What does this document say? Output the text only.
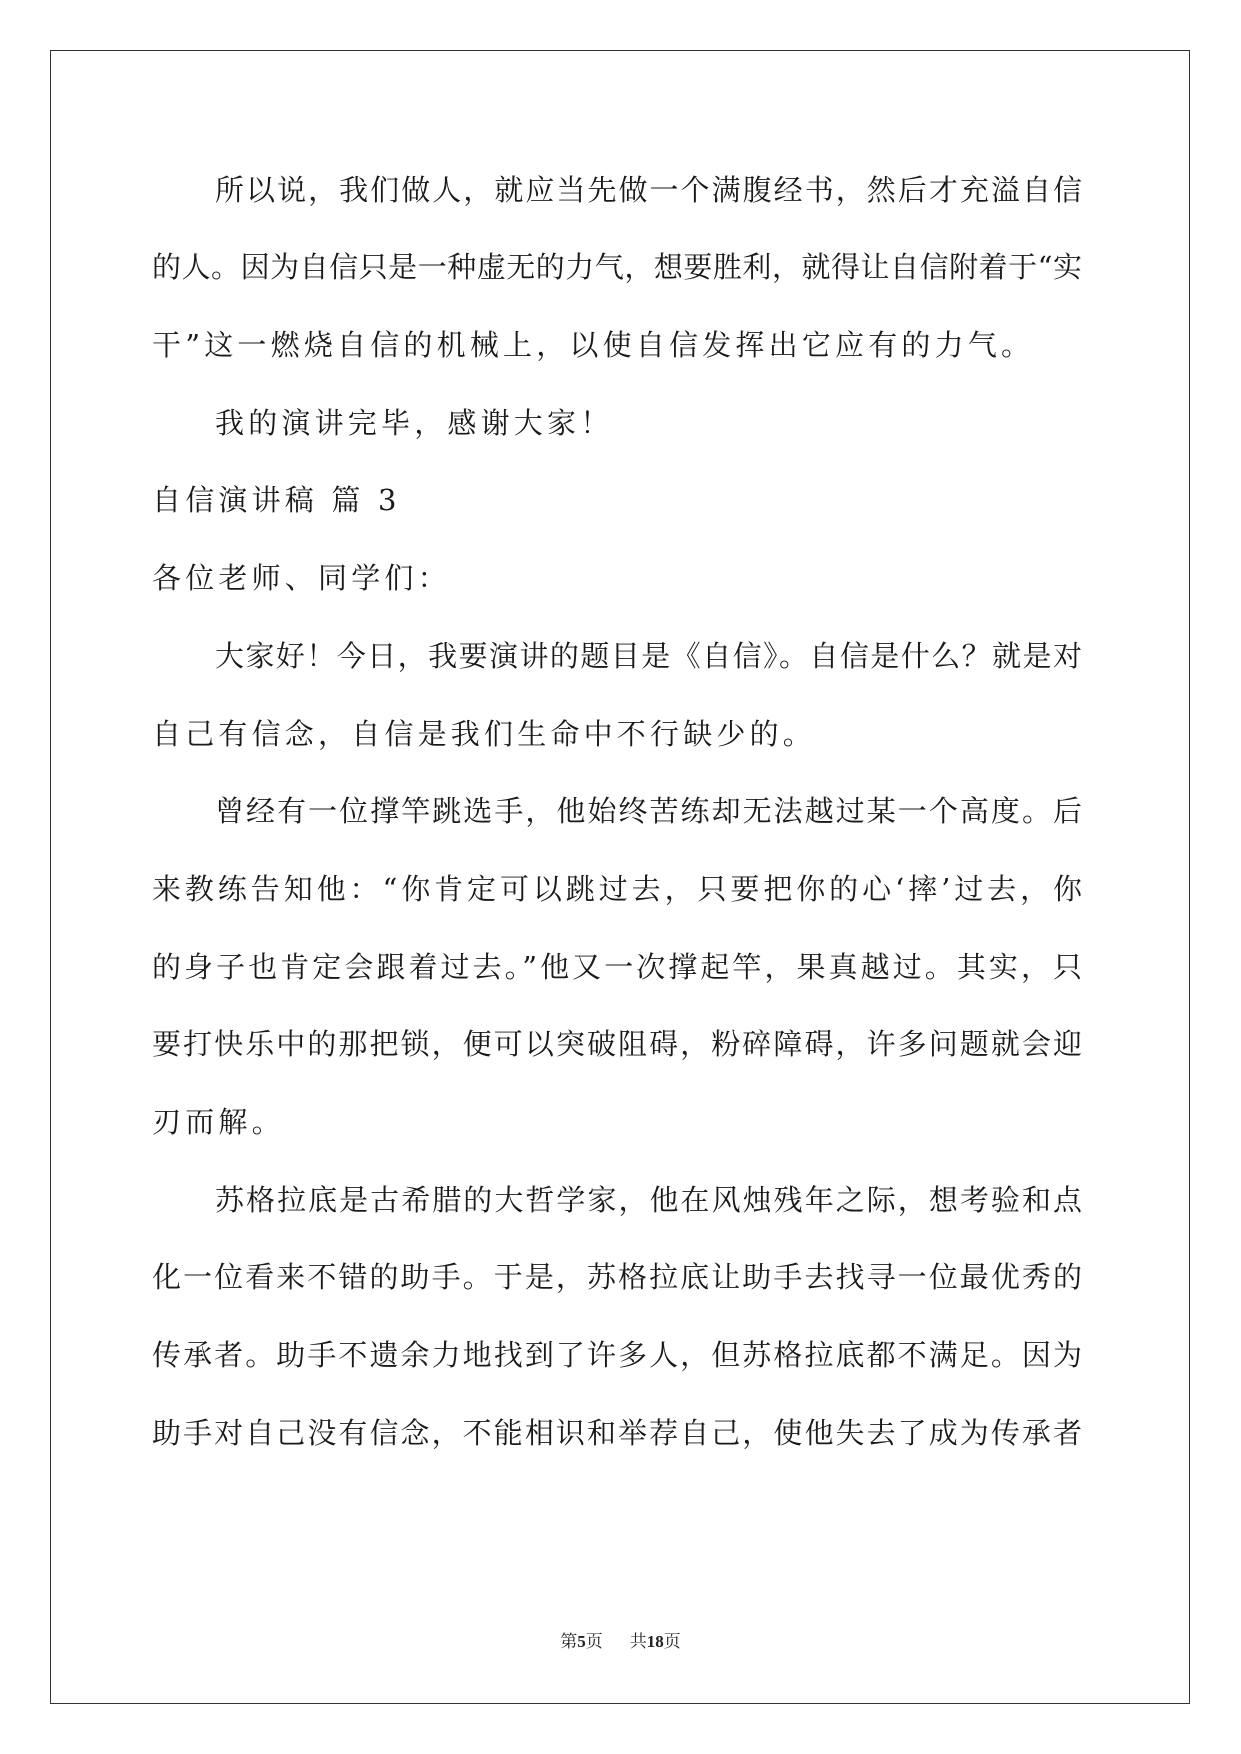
所以说，我们做人，就应当先做一个满腹经书，然后才充溢自信
的人。因为自信只是一种虚无的力气，想要胜利，就得让自信附着于“实
干”这一燃烧自信的机械上，以使自信发挥出它应有的力气。
我的演讲完毕，感谢大家！
自信演讲稿 篇 3
各位老师、同学们：
大家好！今日，我要演讲的题目是《自信》。自信是什么？就是对
自己有信念，自信是我们生命中不行缺少的。
曾经有一位撑竿跳选手，他始终苦练却无法越过某一个高度。后
来教练告知他：“你肯定可以跳过去，只要把你的心‘摔’过去，你
的身子也肯定会跟着过去。”他又一次撑起竿，果真越过。其实，只
要打快乐中的那把锁，便可以突破阻碍，粉碎障碍，许多问题就会迎
刃而解。
苏格拉底是古希腊的大哲学家，他在风烛残年之际，想考验和点
化一位看来不错的助手。于是，苏格拉底让助手去找寻一位最优秀的
传承者。助手不遗余力地找到了许多人，但苏格拉底都不满足。因为
助手对自己没有信念，不能相识和举荐自己，使他失去了成为传承者
第5页 共18页
